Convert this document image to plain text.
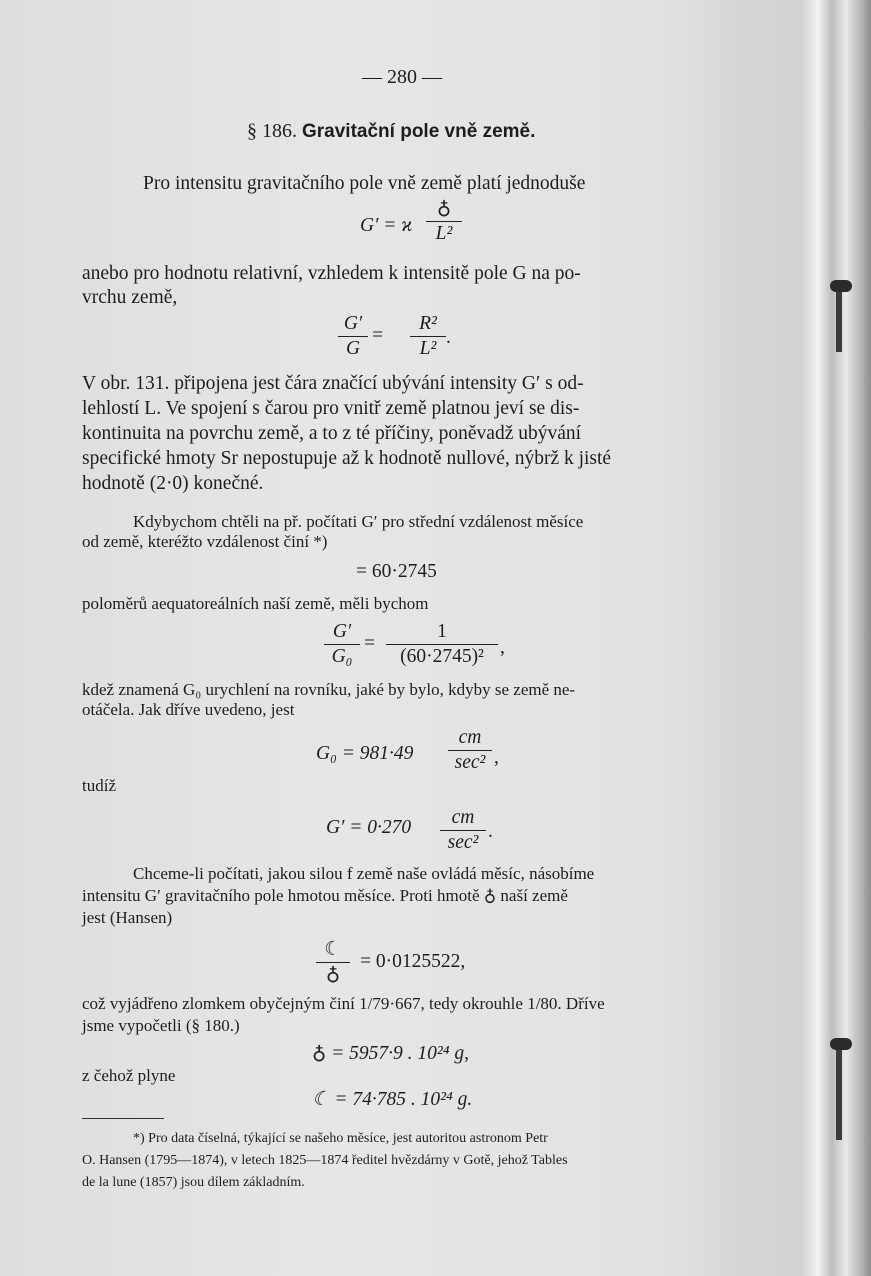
— 280 —
§ 186. Gravitační pole vně země.
Pro intensitu gravitačního pole vně země platí jednoduše
G′ = ϰ
♁
L²
anebo pro hodnotu relativní, vzhledem k intensitě pole G na po-
vrchu země,
G′
G
=
R²
L²
.
V obr. 131. připojena jest čára značící ubývání intensity G′ s od-
lehlostí L. Ve spojení s čarou pro vnitř země platnou jeví se dis-
kontinuita na povrchu země, a to z té příčiny, poněvadž ubývání
specifické hmoty Sr nepostupuje až k hodnotě nullové, nýbrž k jisté
hodnotě (2·0) konečné.
Kdybychom chtěli na př. počítati G′ pro střední vzdálenost měsíce
od země, kteréžto vzdálenost činí *)
= 60·2745
poloměrů aequatoreálních naší země, měli bychom
G′
G₀
=
1
(60·2745)² ,
kdež znamená G₀ urychlení na rovníku, jaké by bylo, kdyby se země ne-
otáčela. Jak dříve uvedeno, jest
G₀ = 981·49
cm
sec² ,
tudíž
G′ = 0·270	cm
sec²
.
Chceme-li počítati, jakou silou f země naše ovládá měsíc, násobíme
intensitu G′ gravitačního pole hmotou měsíce. Proti hmotě ♁ naší země
jest (Hansen)
☾
♁
= 0·0125522,
což vyjádřeno zlomkem obyčejným činí 1/79·667, tedy okrouhle 1/80. Dříve
jsme vypočetli (§ 180.)
♁ = 5957·9 . 10²⁴ g,
z čehož plyne
☾ = 74·785 . 10²⁴ g.
*) Pro data číselná, týkající se našeho měsíce, jest autoritou astronom Petr
O. Hansen (1795—1874), v letech 1825—1874 ředitel hvězdárny v Gotě, jehož Tables
de la lune (1857) jsou dílem základním.
